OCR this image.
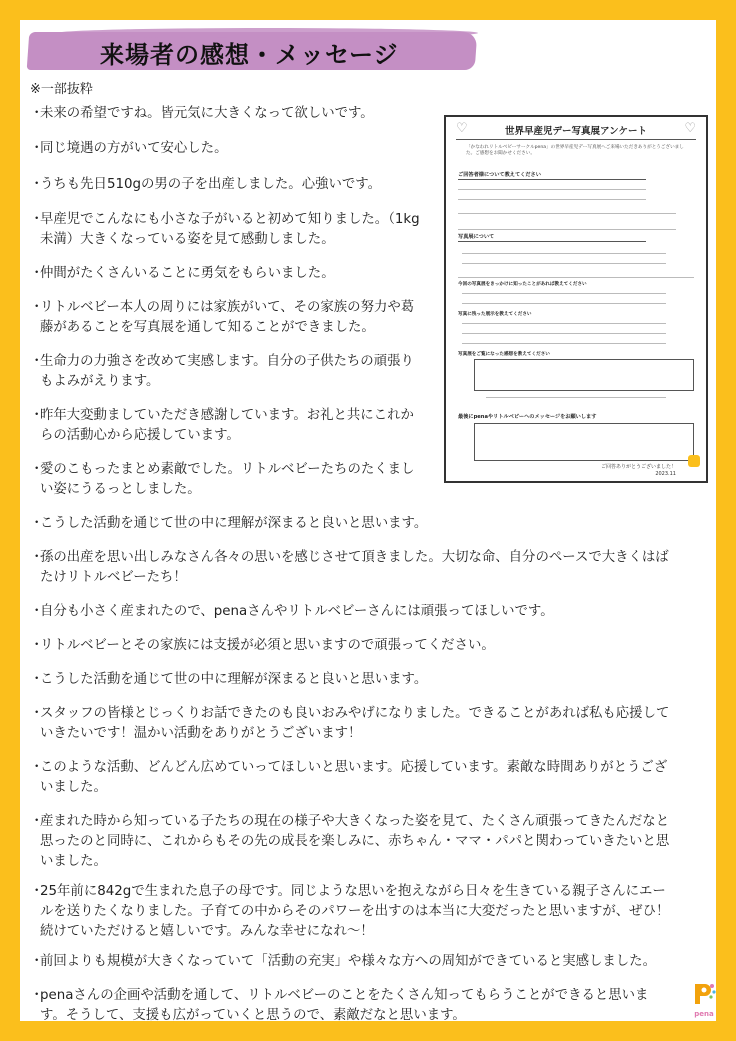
来場者の感想・メッセージ
※一部抜粋
・
未来の希望ですね。皆元気に大きくなって欲しいです。
・
同じ境遇の方がいて安心した。
・
うちも先日510gの男の子を出産しました。心強いです。
・
早産児でこんなにも小さな子がいると初めて知りました。（1kg未満）大きくなっている姿を見て感動しました。
・
仲間がたくさんいることに勇気をもらいました。
・
リトルベビー本人の周りには家族がいて、その家族の努力や葛藤があることを写真展を通して知ることができました。
・
生命力の力強さを改めて実感します。自分の子供たちの頑張りもよみがえります。
・
昨年大変動ましていただき感謝しています。お礼と共にこれからの活動心から応援しています。
・
愛のこもったまとめ素敵でした。リトルベビーたちのたくましい姿にうるっとしました。
・
こうした活動を通じて世の中に理解が深まると良いと思います。
・
孫の出産を思い出しみなさん各々の思いを感じさせて頂きました。大切な命、自分のペースで大きくはばたけリトルベビーたち！
・
自分も小さく産まれたので、penaさんやリトルベビーさんには頑張ってほしいです。
・
リトルベビーとその家族には支援が必須と思いますので頑張ってください。
・
こうした活動を通じて世の中に理解が深まると良いと思います。
・
スタッフの皆様とじっくりお話できたのも良いおみやげになりました。できることがあれば私も応援していきたいです！温かい活動をありがとうございます！
・
このような活動、どんどん広めていってほしいと思います。応援しています。素敵な時間ありがとうございました。
・
産まれた時から知っている子たちの現在の様子や大きくなった姿を見て、たくさん頑張ってきたんだなと思ったのと同時に、これからもその先の成長を楽しみに、赤ちゃん・ママ・パパと関わっていきたいと思いました。
・
25年前に842gで生まれた息子の母です。同じような思いを抱えながら日々を生きている親子さんにエールを送りたくなりました。子育ての中からそのパワーを出すのは本当に大変だったと思いますが、ぜひ！続けていただけると嬉しいです。みんな幸せになれ〜！
・
前回よりも規模が大きくなっていて「活動の充実」や様々な方への周知ができていると実感しました。
・
penaさんの企画や活動を通して、リトルベビーのことをたくさん知ってもらうことができると思います。そうして、支援も広がっていくと思うので、素敵だなと思います。
♡	♡
世界早産児デー写真展アンケート
「かなわれリトルベビーサークルpena」の世界早産児デー写真展へご来場いただきありがとうございました。ご感想をお聞かせください。
ご回答者様について教えてください
写真展について
今回の写真展をきっかけに知ったことがあれば教えてください
写真に残った展示を教えてください
写真展をご覧になった感想を教えてください
最後にpenaやリトルベビーへのメッセージをお願いします
ご回答ありがとうございました！
2023.11
pena
